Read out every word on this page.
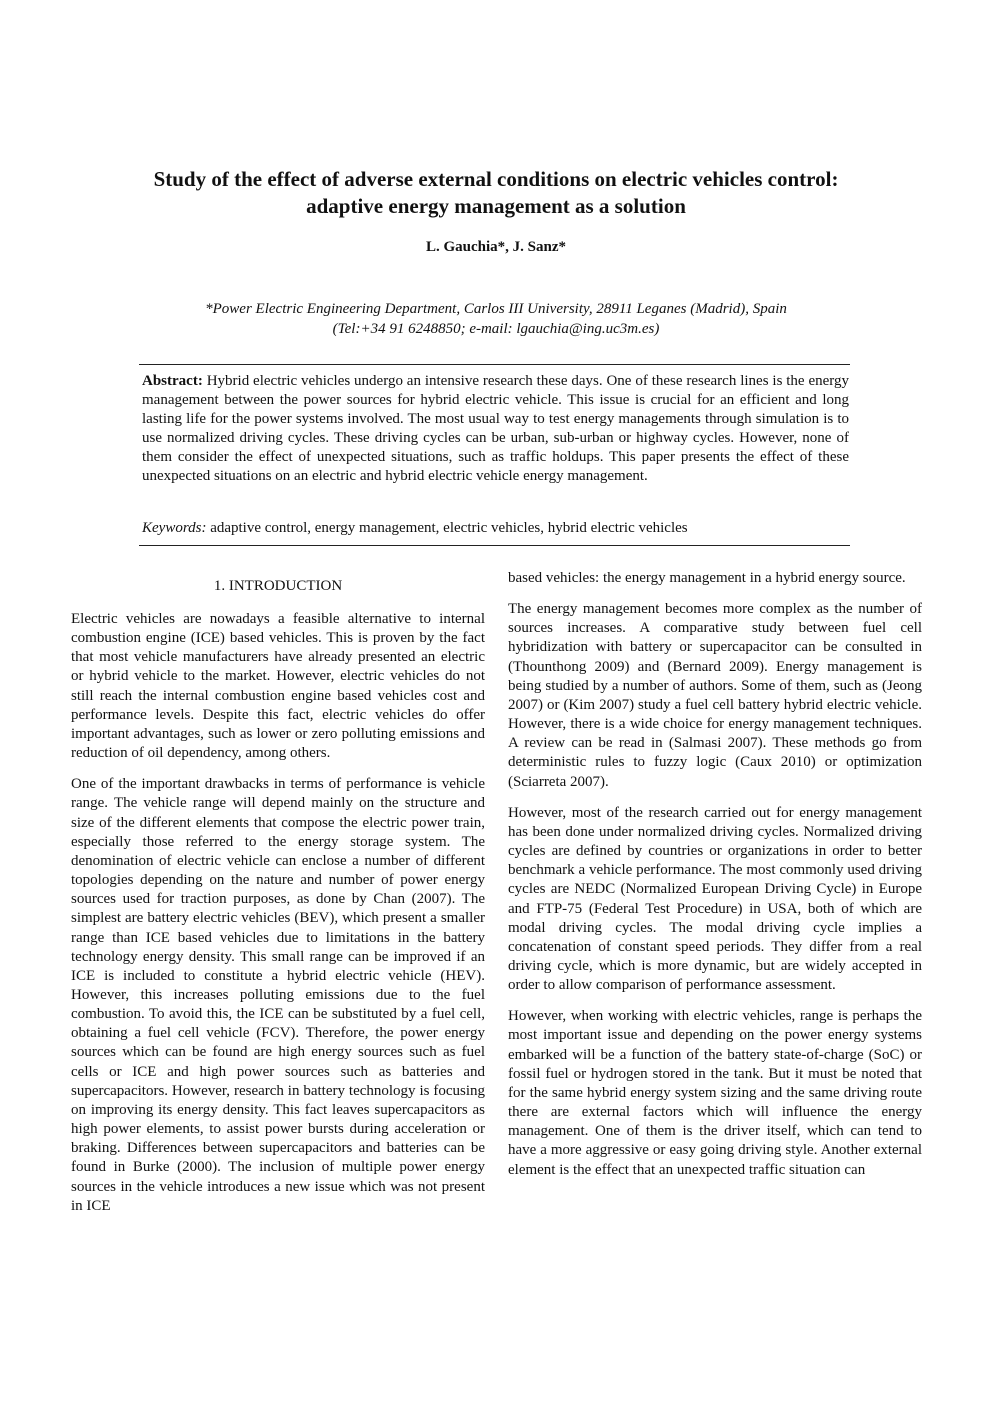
Study of the effect of adverse external conditions on electric vehicles control:
adaptive energy management as a solution
L. Gauchia*, J. Sanz*
*Power Electric Engineering Department, Carlos III University, 28911 Leganes (Madrid), Spain
(Tel:+34 91 6248850; e-mail: lgauchia@ing.uc3m.es)
Abstract: Hybrid electric vehicles undergo an intensive research these days. One of these research lines is the energy management between the power sources for hybrid electric vehicle. This issue is crucial for an efficient and long lasting life for the power systems involved. The most usual way to test energy managements through simulation is to use normalized driving cycles. These driving cycles can be urban, sub-urban or highway cycles. However, none of them consider the effect of unexpected situations, such as traffic holdups. This paper presents the effect of these unexpected situations on an electric and hybrid electric vehicle energy management.
Keywords: adaptive control, energy management, electric vehicles, hybrid electric vehicles
1. INTRODUCTION

Electric vehicles are nowadays a feasible alternative to internal combustion engine (ICE) based vehicles. This is proven by the fact that most vehicle manufacturers have already presented an electric or hybrid vehicle to the market. However, electric vehicles do not still reach the internal combustion engine based vehicles cost and performance levels. Despite this fact, electric vehicles do offer important advantages, such as lower or zero polluting emissions and reduction of oil dependency, among others.

One of the important drawbacks in terms of performance is vehicle range. The vehicle range will depend mainly on the structure and size of the different elements that compose the electric power train, especially those referred to the energy storage system. The denomination of electric vehicle can enclose a number of different topologies depending on the nature and number of power energy sources used for traction purposes, as done by Chan (2007). The simplest are battery electric vehicles (BEV), which present a smaller range than ICE based vehicles due to limitations in the battery technology energy density. This small range can be improved if an ICE is included to constitute a hybrid electric vehicle (HEV). However, this increases polluting emissions due to the fuel combustion. To avoid this, the ICE can be substituted by a fuel cell, obtaining a fuel cell vehicle (FCV). Therefore, the power energy sources which can be found are high energy sources such as fuel cells or ICE and high power sources such as batteries and supercapacitors. However, research in battery technology is focusing on improving its energy density. This fact leaves supercapacitors as high power elements, to assist power bursts during acceleration or braking. Differences between supercapacitors and batteries can be found in Burke (2000). The inclusion of multiple power energy sources in the vehicle introduces a new issue which was not present in ICE

based vehicles: the energy management in a hybrid energy source.

The energy management becomes more complex as the number of sources increases. A comparative study between fuel cell hybridization with battery or supercapacitor can be consulted in (Thounthong 2009) and (Bernard 2009). Energy management is being studied by a number of authors. Some of them, such as (Jeong 2007) or (Kim 2007) study a fuel cell battery hybrid electric vehicle. However, there is a wide choice for energy management techniques. A review can be read in (Salmasi 2007). These methods go from deterministic rules to fuzzy logic (Caux 2010) or optimization (Sciarreta 2007).

However, most of the research carried out for energy management has been done under normalized driving cycles. Normalized driving cycles are defined by countries or organizations in order to better benchmark a vehicle performance. The most commonly used driving cycles are NEDC (Normalized European Driving Cycle) in Europe and FTP-75 (Federal Test Procedure) in USA, both of which are modal driving cycles. The modal driving cycle implies a concatenation of constant speed periods. They differ from a real driving cycle, which is more dynamic, but are widely accepted in order to allow comparison of performance assessment.

However, when working with electric vehicles, range is perhaps the most important issue and depending on the power energy systems embarked will be a function of the battery state-of-charge (SoC) or fossil fuel or hydrogen stored in the tank. But it must be noted that for the same hybrid energy system sizing and the same driving route there are external factors which will influence the energy management. One of them is the driver itself, which can tend to have a more aggressive or easy going driving style. Another external element is the effect that an unexpected traffic situation can
